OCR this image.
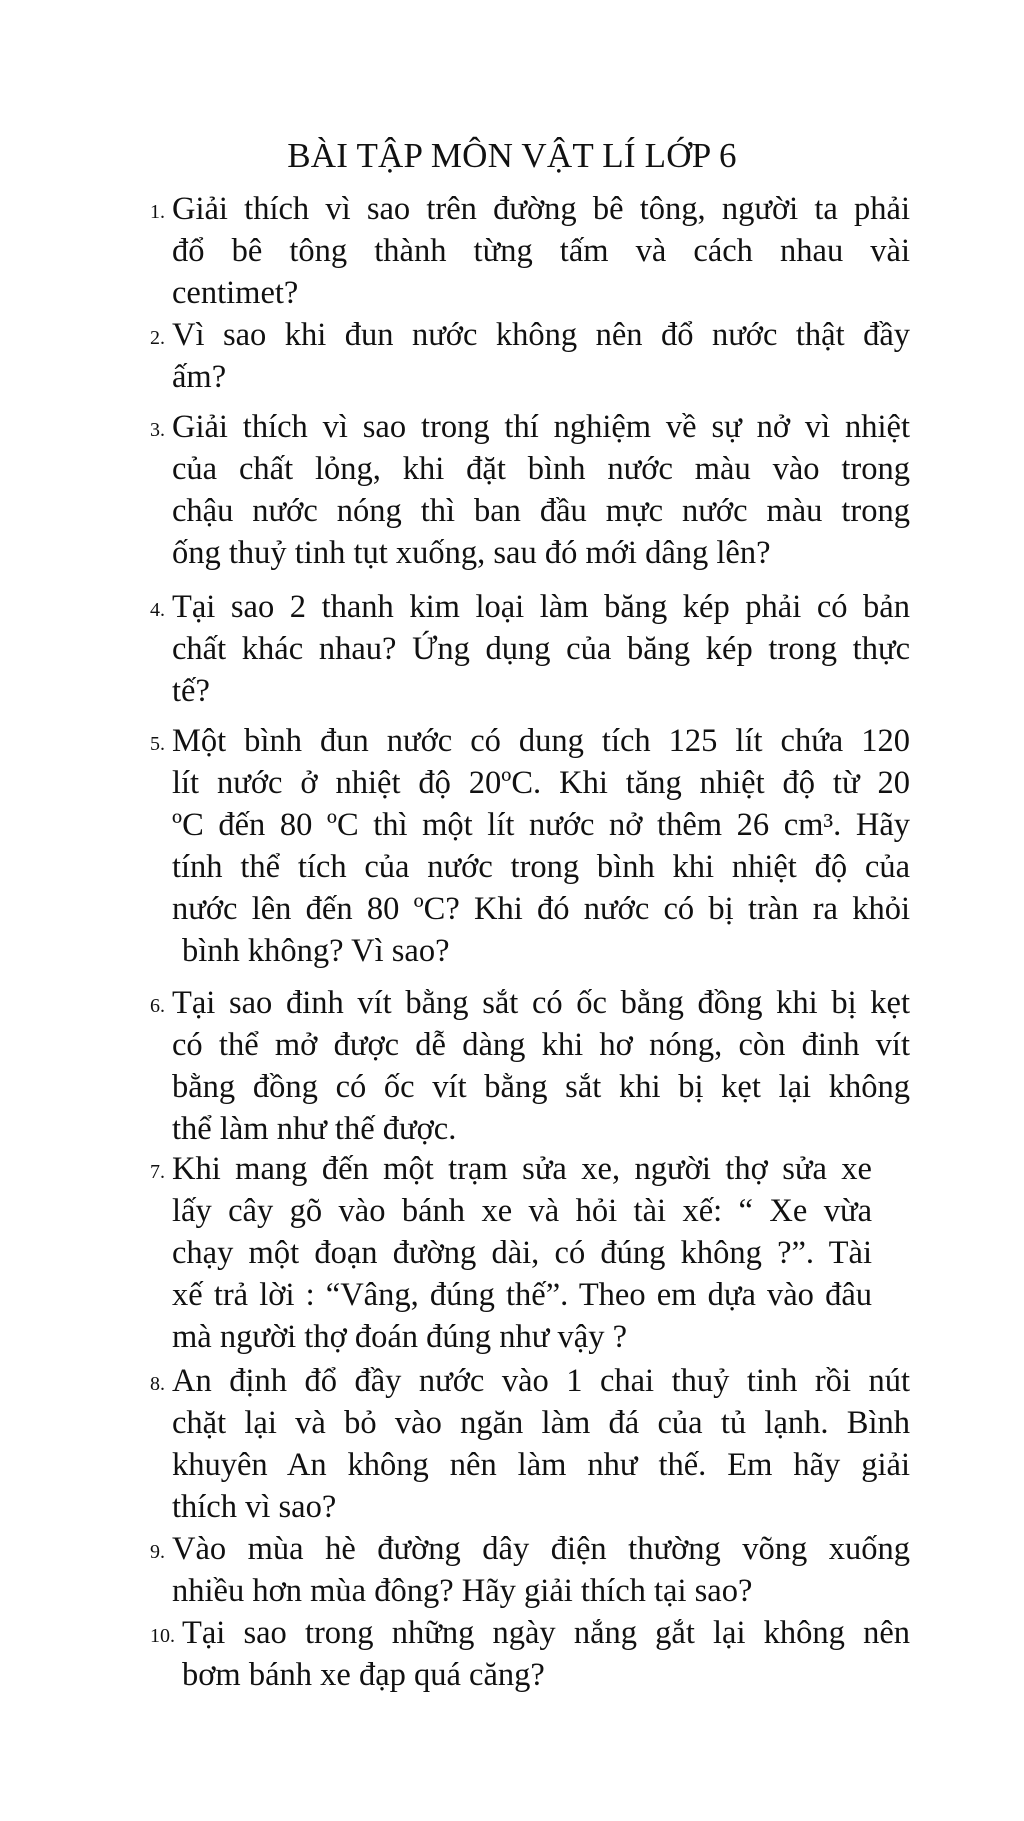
BÀI TẬP MÔN VẬT LÍ LỚP 6
1. Giải thích vì sao trên đường bê tông, người ta phải
đổ bê tông thành từng tấm và cách nhau vài
centimet?
2. Vì sao khi đun nước không nên đổ nước thật đầy
ấm?
3. Giải thích vì sao trong thí nghiệm về sự nở vì nhiệt
của chất lỏng, khi đặt bình nước màu vào trong
chậu nước nóng thì ban đầu mực nước màu trong
ống thuỷ tinh tụt xuống, sau đó mới dâng lên?
4. Tại sao 2 thanh kim loại làm băng kép phải có bản
chất khác nhau? Ứng dụng của băng kép trong thực
tế?
5. Một bình đun nước có dung tích 125 lít chứa 120
lít nước ở nhiệt độ 20ºC. Khi tăng nhiệt độ từ 20
ºC đến 80 ºC thì một lít nước nở thêm 26 cm³. Hãy
tính thể tích của nước trong bình khi nhiệt độ của
nước lên đến 80 ºC? Khi đó nước có bị tràn ra khỏi
bình không? Vì sao?
6. Tại sao đinh vít bằng sắt có ốc bằng đồng khi bị kẹt
có thể mở được dễ dàng khi hơ nóng, còn đinh vít
bằng đồng có ốc vít bằng sắt khi bị kẹt lại không
thể làm như thế được.
7. Khi mang đến một trạm sửa xe, người thợ sửa xe
lấy cây gõ vào bánh xe và hỏi tài xế: “ Xe vừa
chạy một đoạn đường dài, có đúng không ?”. Tài
xế trả lời : “Vâng, đúng thế”. Theo em dựa vào đâu
mà người thợ đoán đúng như vậy ?
8. An định đổ đầy nước vào 1 chai thuỷ tinh rồi nút
chặt lại và bỏ vào ngăn làm đá của tủ lạnh. Bình
khuyên An không nên làm như thế. Em hãy giải
thích vì sao?
9. Vào mùa hè đường dây điện thường võng xuống
nhiều hơn mùa đông? Hãy giải thích tại sao?
10. Tại sao trong những ngày nắng gắt lại không nên
bơm bánh xe đạp quá căng?
